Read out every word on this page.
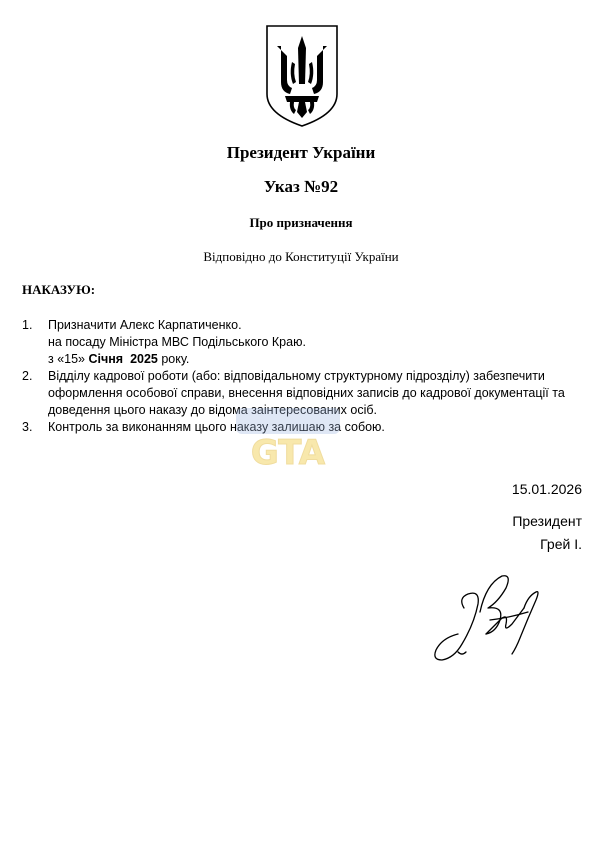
Президент України
Указ №92
Про призначення
Відповідно до Конституції України
НАКАЗУЮ:
1. Призначити Алекс Карпатиченко.
на посаду Міністра МВС Подільського Краю.
з «15» Січня 2025 року.
2. Відділу кадрової роботи (або: відповідальному структурному підрозділу) забезпечити оформлення особової справи, внесення відповідних записів до кадрової документації та доведення цього наказу до відома заінтересованих осіб.
3. Контроль за виконанням цього наказу залишаю за собою.
GTA
15.01.2026
Президент
Грей І.
